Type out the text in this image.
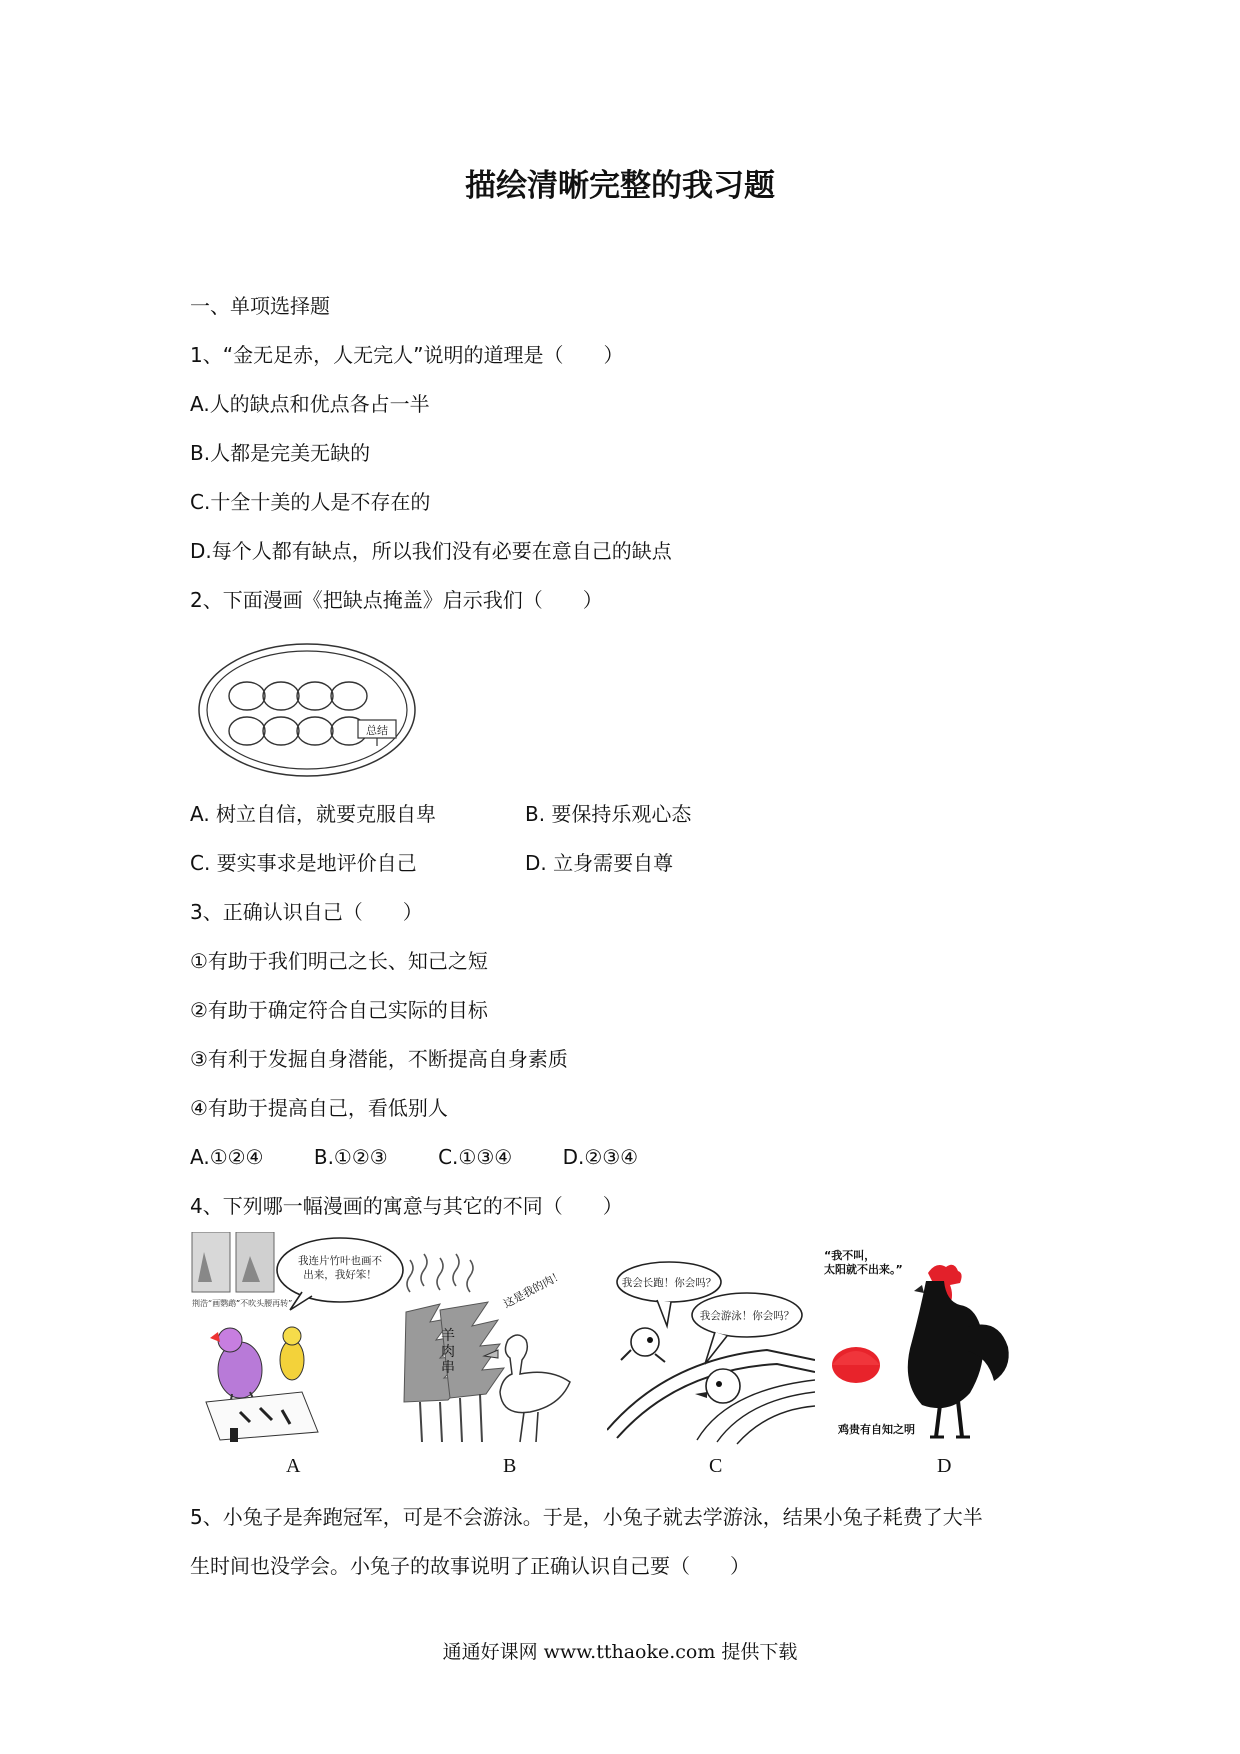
描绘清晰完整的我习题
一、单项选择题
1、“金无足赤，人无完人”说明的道理是（　　）
A.人的缺点和优点各占一半
B.人都是完美无缺的
C.十全十美的人是不存在的
D.每个人都有缺点，所以我们没有必要在意自己的缺点
2、下面漫画《把缺点掩盖》启示我们（　　）
总结
A. 树立自信，就要克服自卑	B. 要保持乐观心态
C. 要实事求是地评价自己	D. 立身需要自尊
3、正确认识自己（　　）
①有助于我们明己之长、知己之短
②有助于确定符合自己实际的目标
③有利于发掘自身潜能，不断提高自身素质
④有助于提高自己，看低别人
A.①②④	B.①②③	C.①③④	D.②③④
4、下列哪一幅漫画的寓意与其它的不同（　　）
荆浩“画鹦鹉”
“不吹头腰再转”
我连片竹叶也画不出来，我好笨！
羊肉串
这是我的肉！	我会长跑！你会吗？
我会游泳！你会吗？
“我不叫，太阳就不出来。”
鸡贵有自知之明
A	B	C	D
5、小兔子是奔跑冠军，可是不会游泳。于是，小兔子就去学游泳，结果小兔子耗费了大半
生时间也没学会。小兔子的故事说明了正确认识自己要（　　）
通通好课网 www.tthaoke.com 提供下载
